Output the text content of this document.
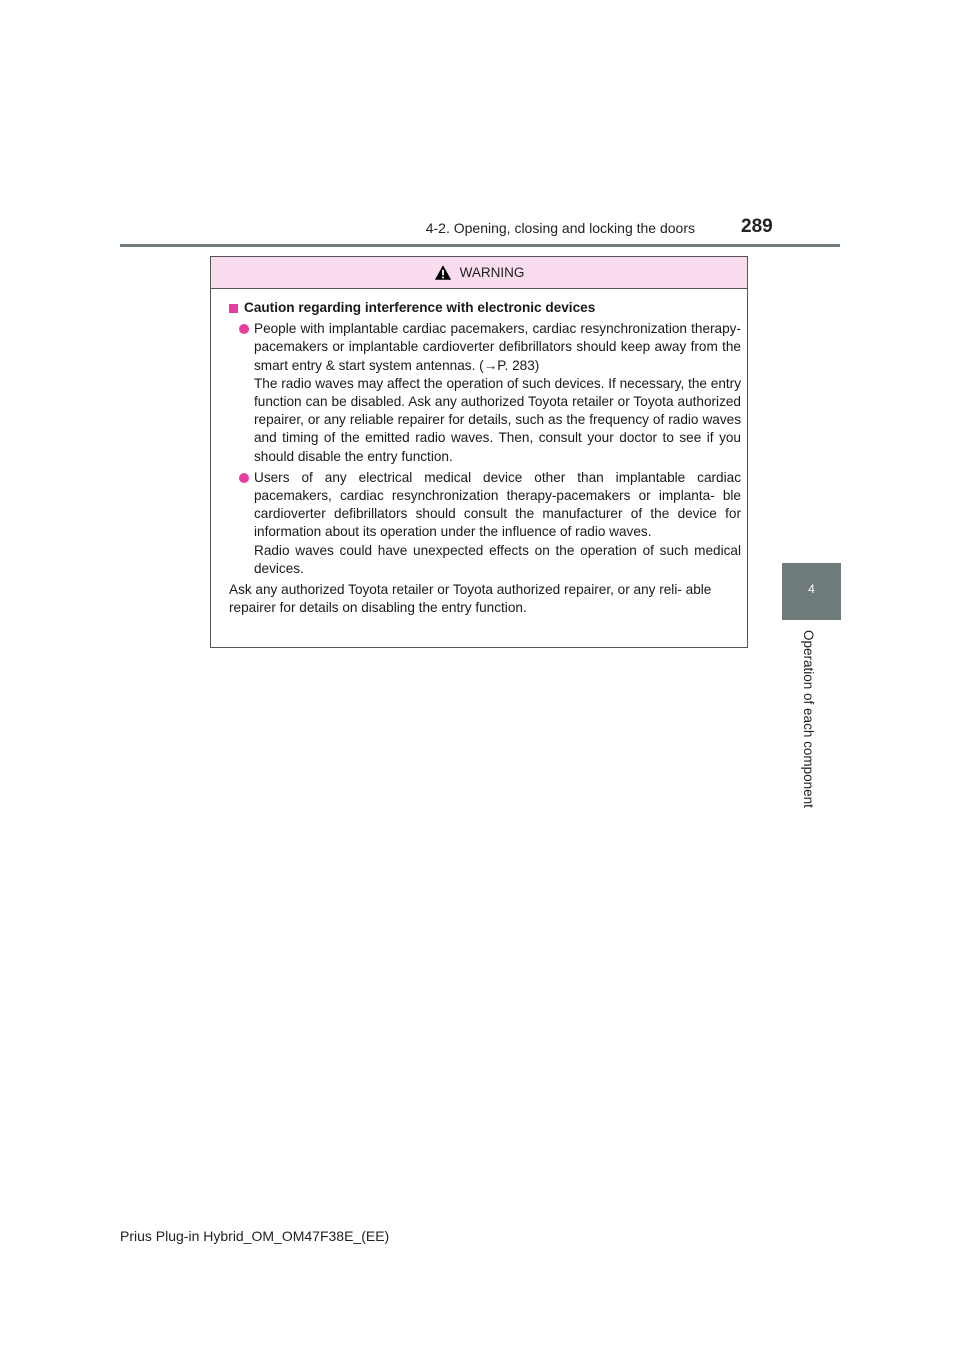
4-2. Opening, closing and locking the doors 289
4
Operation of each component
WARNING
Caution regarding interference with electronic devices

People with implantable cardiac pacemakers, cardiac resynchronization therapy-pacemakers or implantable cardioverter defibrillators should keep away from the smart entry & start system antennas. (→P. 283)

The radio waves may affect the operation of such devices. If necessary, the entry function can be disabled. Ask any authorized Toyota retailer or Toyota authorized repairer, or any reliable repairer for details, such as the frequency of radio waves and timing of the emitted radio waves. Then, consult your doctor to see if you should disable the entry function.

Users of any electrical medical device other than implantable cardiac pacemakers, cardiac resynchronization therapy-pacemakers or implanta- ble cardioverter defibrillators should consult the manufacturer of the device for information about its operation under the influence of radio waves.

Radio waves could have unexpected effects on the operation of such medical devices.

Ask any authorized Toyota retailer or Toyota authorized repairer, or any reli- able repairer for details on disabling the entry function.

Prius Plug-in Hybrid_OM_OM47F38E_(EE)
